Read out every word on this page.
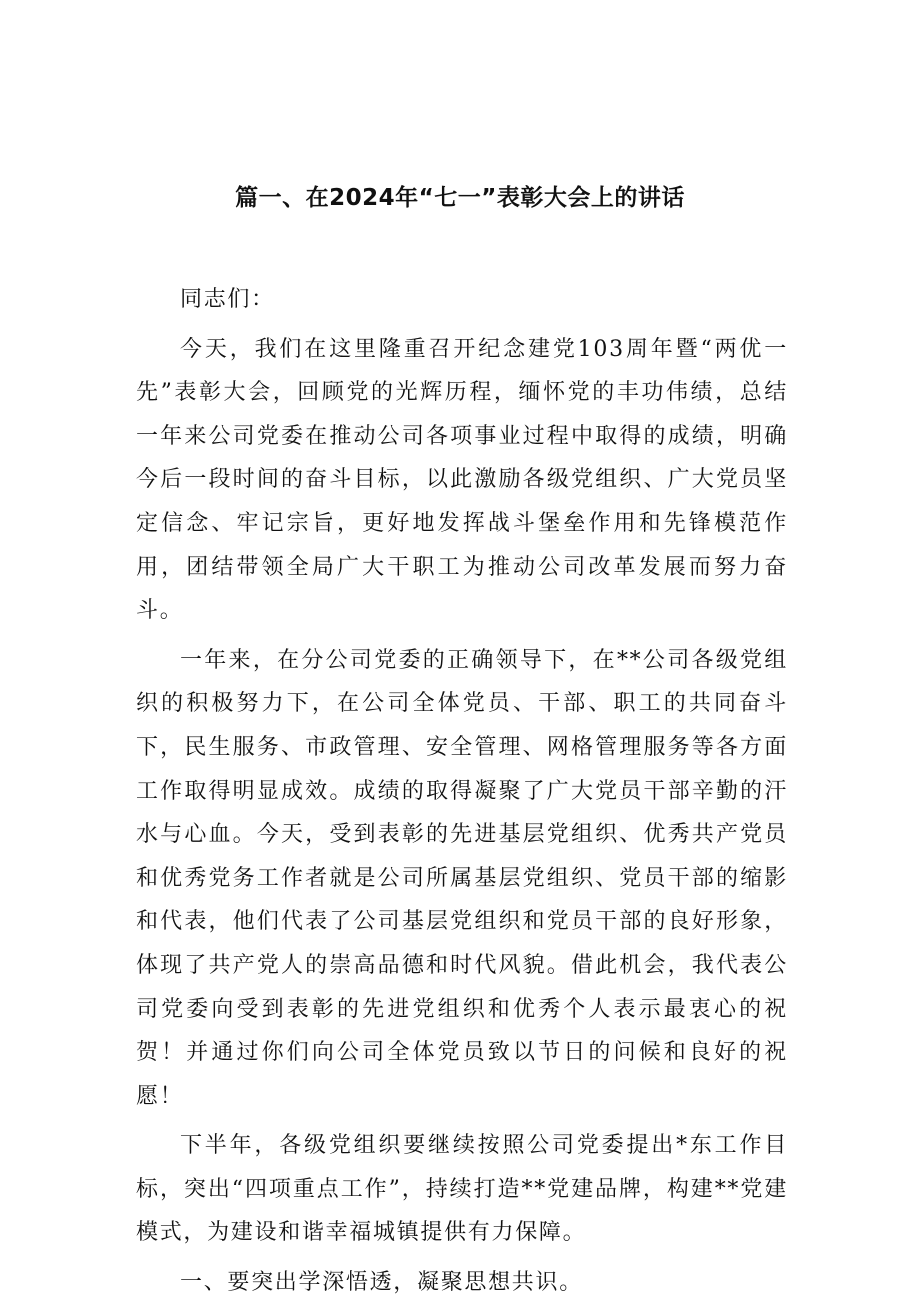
篇一、在2024年“七一”表彰大会上的讲话

同志们：

今天，我们在这里隆重召开纪念建党103周年暨“两优一先”表彰大会，回顾党的光辉历程，缅怀党的丰功伟绩，总结一年来公司党委在推动公司各项事业过程中取得的成绩，明确今后一段时间的奋斗目标，以此激励各级党组织、广大党员坚定信念、牢记宗旨，更好地发挥战斗堡垒作用和先锋模范作用，团结带领全局广大干职工为推动公司改革发展而努力奋斗。

一年来，在分公司党委的正确领导下，在**公司各级党组织的积极努力下，在公司全体党员、干部、职工的共同奋斗下，民生服务、市政管理、安全管理、网格管理服务等各方面工作取得明显成效。成绩的取得凝聚了广大党员干部辛勤的汗水与心血。今天，受到表彰的先进基层党组织、优秀共产党员和优秀党务工作者就是公司所属基层党组织、党员干部的缩影和代表，他们代表了公司基层党组织和党员干部的良好形象，体现了共产党人的崇高品德和时代风貌。借此机会，我代表公司党委向受到表彰的先进党组织和优秀个人表示最衷心的祝贺！并通过你们向公司全体党员致以节日的问候和良好的祝愿！

下半年，各级党组织要继续按照公司党委提出*东工作目标，突出“四项重点工作”，持续打造**党建品牌，构建**党建模式，为建设和谐幸福城镇提供有力保障。

一、要突出学深悟透，凝聚思想共识。
